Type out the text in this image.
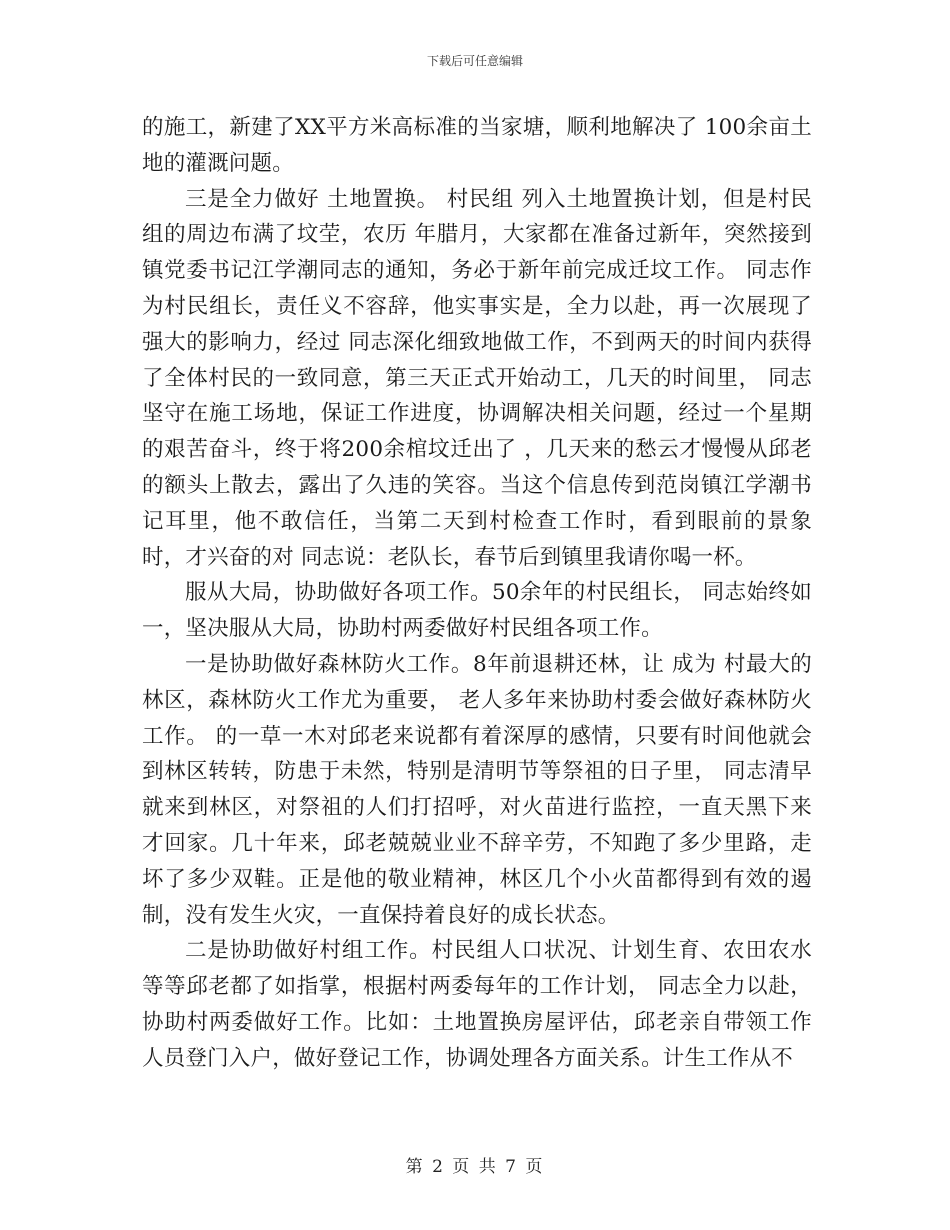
下载后可任意编辑

的施工，新建了XX平方米高标准的当家塘，顺利地解决了 100余亩土地的灌溉问题。

三是全力做好 土地置换。 村民组 列入土地置换计划，但是村民组的周边布满了坟茔，农历 年腊月，大家都在准备过新年，突然接到镇党委书记江学潮同志的通知，务必于新年前完成迁坟工作。 同志作为村民组长，责任义不容辞，他实事实是，全力以赴，再一次展现了强大的影响力，经过 同志深化细致地做工作，不到两天的时间内获得了全体村民的一致同意，第三天正式开始动工，几天的时间里， 同志坚守在施工场地，保证工作进度，协调解决相关问题，经过一个星期的艰苦奋斗，终于将200余棺坟迁出了 ，几天来的愁云才慢慢从邱老的额头上散去，露出了久违的笑容。当这个信息传到范岗镇江学潮书记耳里，他不敢信任，当第二天到村检查工作时，看到眼前的景象时，才兴奋的对 同志说：老队长，春节后到镇里我请你喝一杯。

服从大局，协助做好各项工作。50余年的村民组长， 同志始终如一，坚决服从大局，协助村两委做好村民组各项工作。

一是协助做好森林防火工作。8年前退耕还林，让 成为 村最大的林区，森林防火工作尤为重要， 老人多年来协助村委会做好森林防火工作。 的一草一木对邱老来说都有着深厚的感情，只要有时间他就会到林区转转，防患于未然，特别是清明节等祭祖的日子里， 同志清早就来到林区，对祭祖的人们打招呼，对火苗进行监控，一直天黑下来才回家。几十年来，邱老兢兢业业不辞辛劳，不知跑了多少里路，走坏了多少双鞋。正是他的敬业精神，林区几个小火苗都得到有效的遏制，没有发生火灾，一直保持着良好的成长状态。

二是协助做好村组工作。村民组人口状况、计划生育、农田农水等等邱老都了如指掌，根据村两委每年的工作计划， 同志全力以赴，协助村两委做好工作。比如：土地置换房屋评估，邱老亲自带领工作人员登门入户，做好登记工作，协调处理各方面关系。计生工作从不

第 2 页 共 7 页
